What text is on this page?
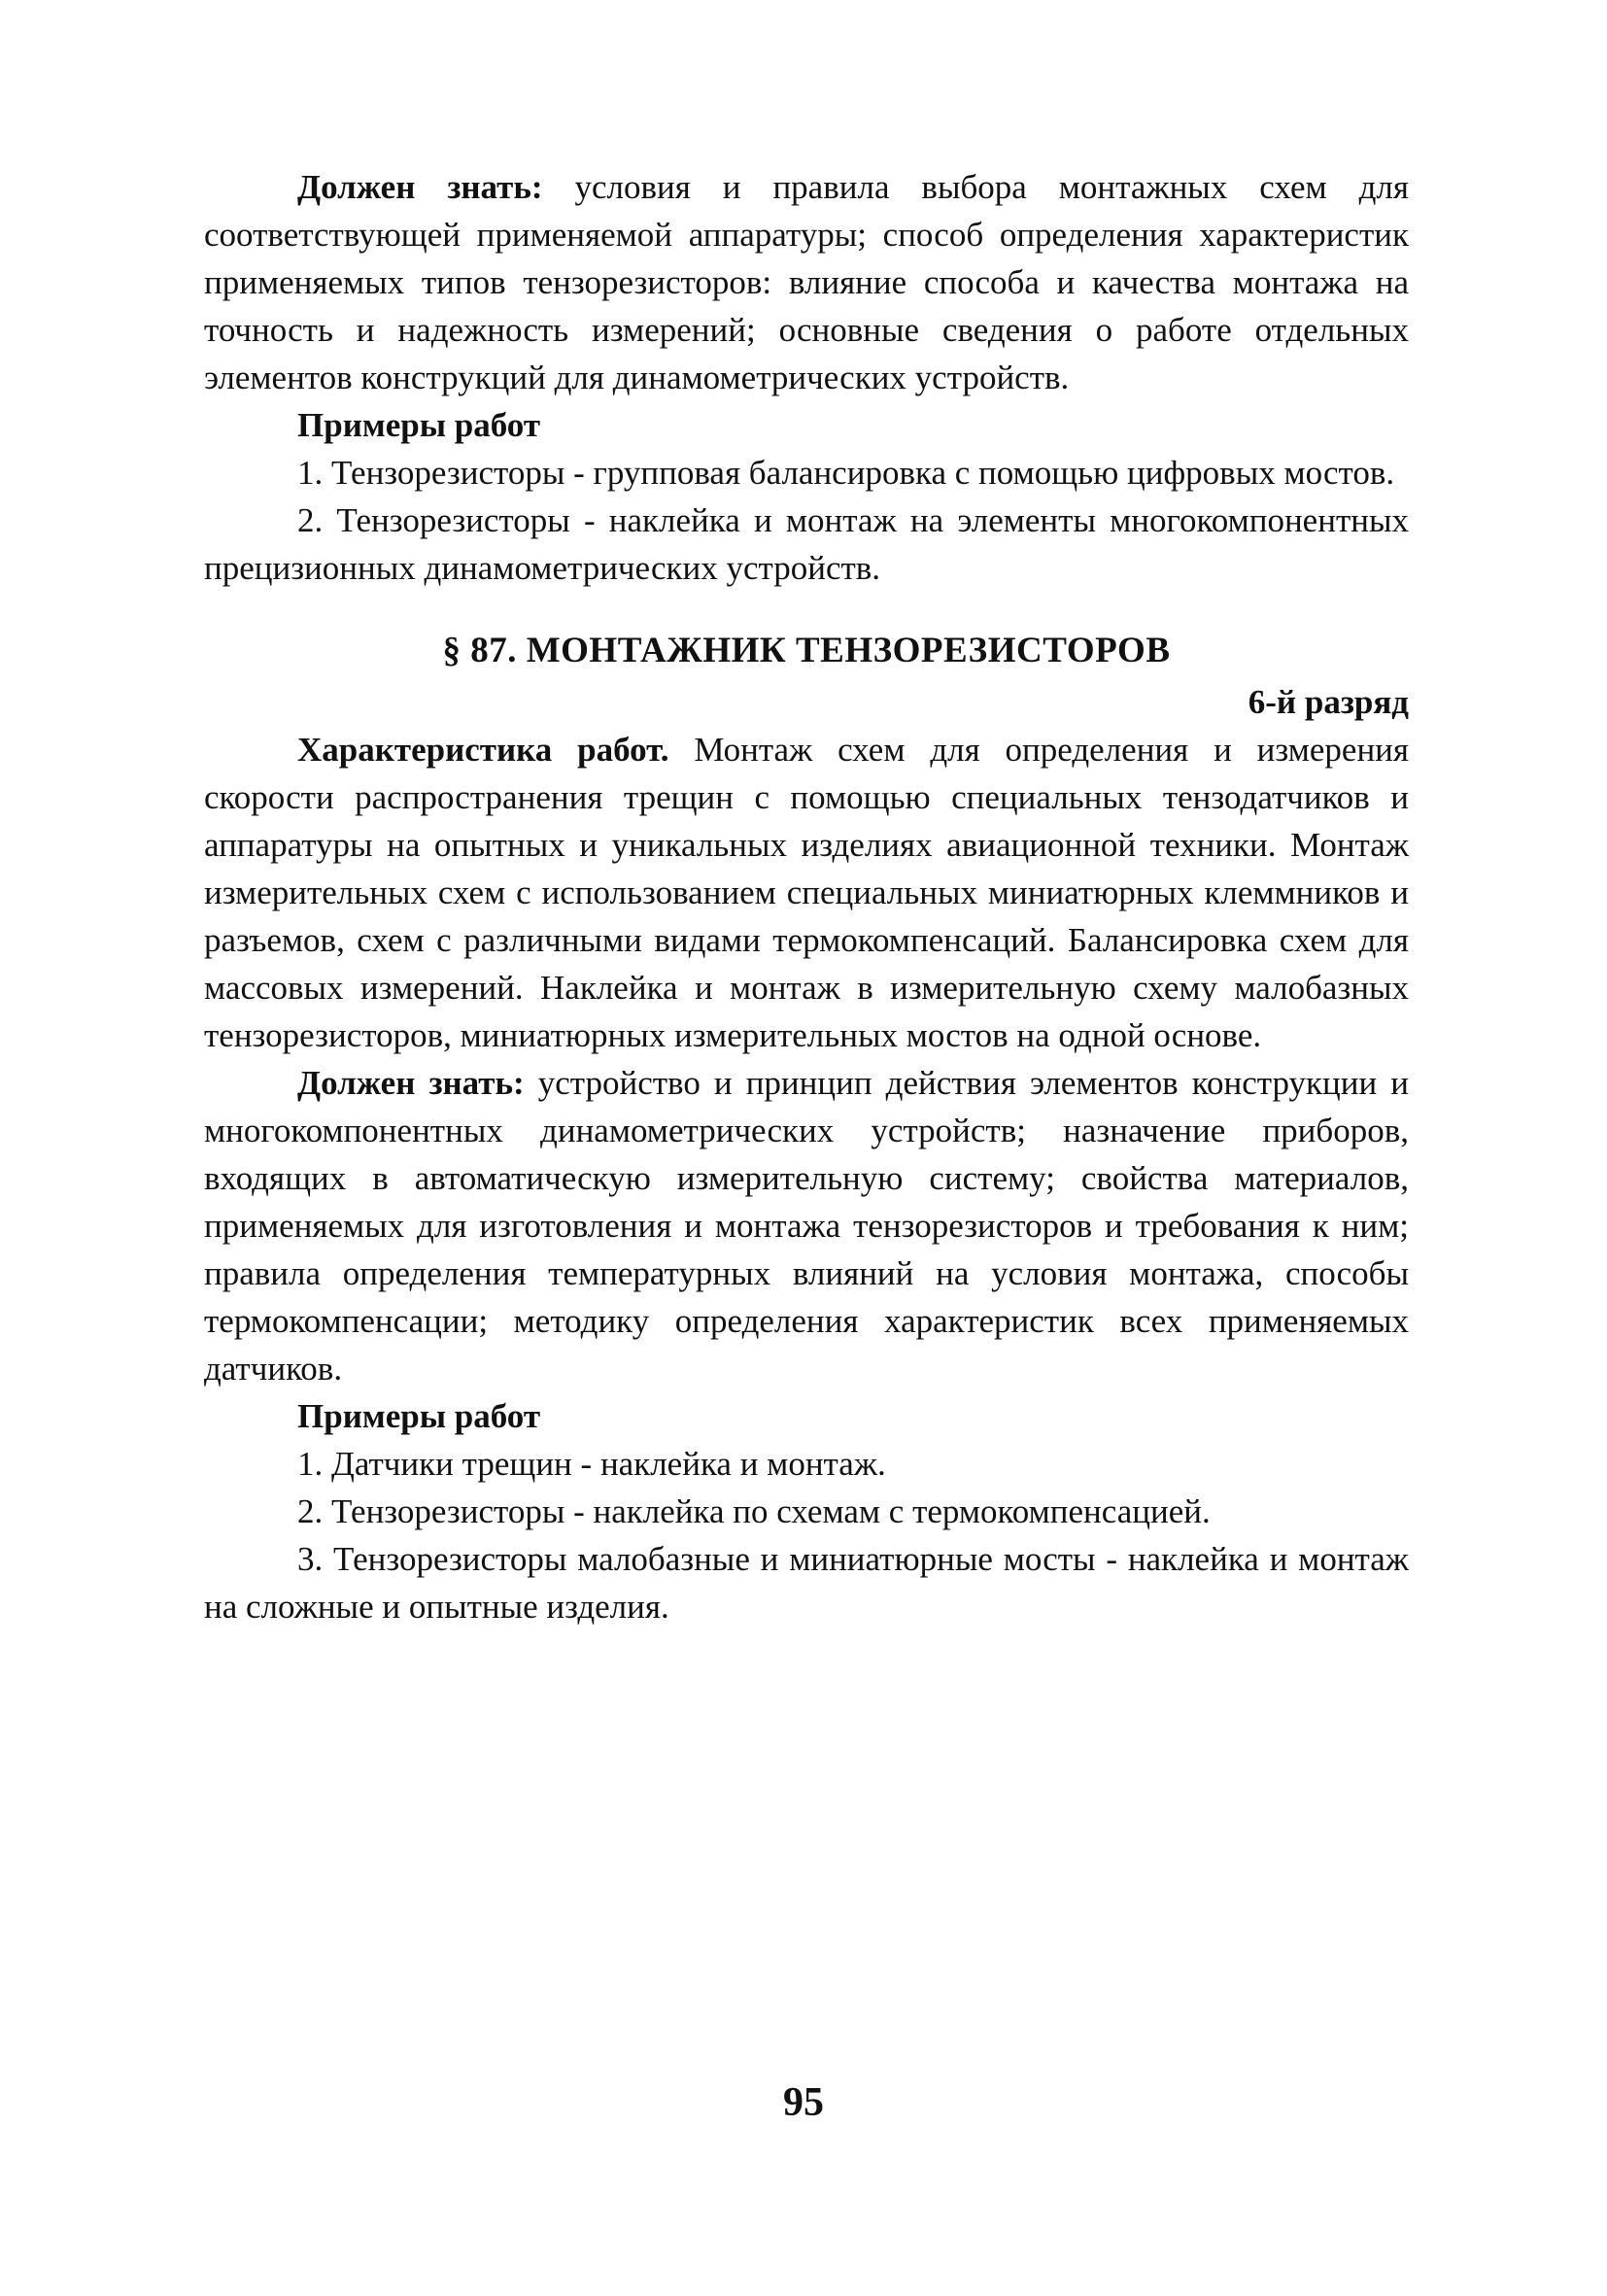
Должен знать: условия и правила выбора монтажных схем для соответствующей применяемой аппаратуры; способ определения характеристик применяемых типов тензорезисторов: влияние способа и качества монтажа на точность и надежность измерений; основные сведения о работе отдельных элементов конструкций для динамометрических устройств.

Примеры работ

1. Тензорезисторы - групповая балансировка с помощью цифровых мостов.

2. Тензорезисторы - наклейка и монтаж на элементы многокомпонентных прецизионных динамометрических устройств.

§ 87. МОНТАЖНИК ТЕНЗОРЕЗИСТОРОВ
6-й разряд

Характеристика работ. Монтаж схем для определения и измерения скорости распространения трещин с помощью специальных тензодатчиков и аппаратуры на опытных и уникальных изделиях авиационной техники. Монтаж измерительных схем с использованием специальных миниатюрных клеммников и разъемов, схем с различными видами термокомпенсаций. Балансировка схем для массовых измерений. Наклейка и монтаж в измерительную схему малобазных тензорезисторов, миниатюрных измерительных мостов на одной основе.

Должен знать: устройство и принцип действия элементов конструкции и многокомпонентных динамометрических устройств; назначение приборов, входящих в автоматическую измерительную систему; свойства материалов, применяемых для изготовления и монтажа тензорезисторов и требования к ним; правила определения температурных влияний на условия монтажа, способы термокомпенсации; методику определения характеристик всех применяемых датчиков.

Примеры работ

1. Датчики трещин - наклейка и монтаж.

2. Тензорезисторы - наклейка по схемам с термокомпенсацией.

3. Тензорезисторы малобазные и миниатюрные мосты - наклейка и монтаж на сложные и опытные изделия.

95
